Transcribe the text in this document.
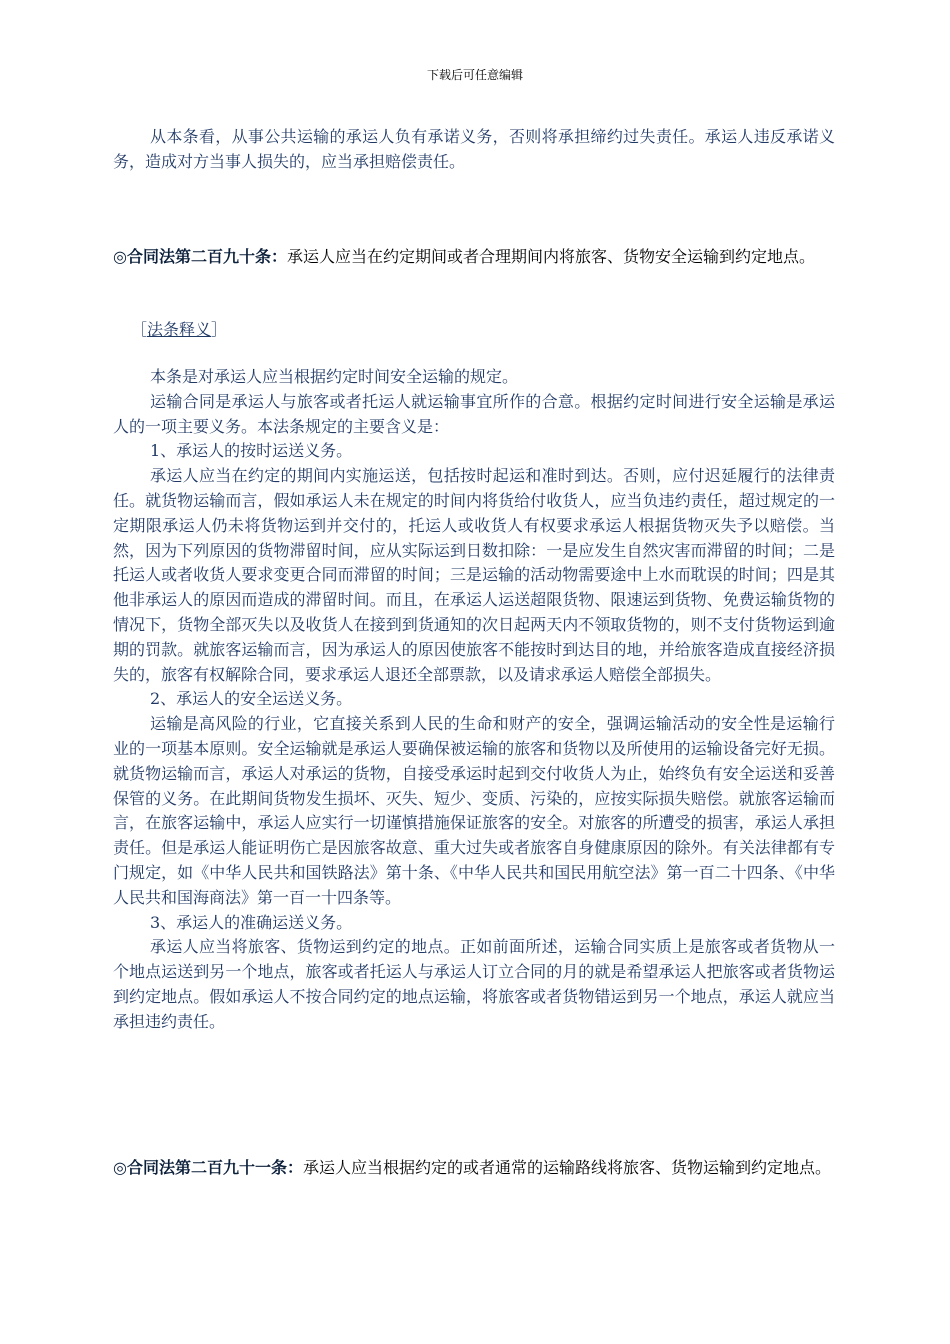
下载后可任意编辑

从本条看，从事公共运输的承运人负有承诺义务，否则将承担缔约过失责任。承运人违反承诺义务，造成对方当事人损失的，应当承担赔偿责任。

◎合同法第二百九十条：承运人应当在约定期间或者合理期间内将旅客、货物安全运输到约定地点。

［法条释义］

本条是对承运人应当根据约定时间安全运输的规定。

运输合同是承运人与旅客或者托运人就运输事宜所作的合意。根据约定时间进行安全运输是承运人的一项主要义务。本法条规定的主要含义是：

1、承运人的按时运送义务。

承运人应当在约定的期间内实施运送，包括按时起运和准时到达。否则，应付迟延履行的法律责任。就货物运输而言，假如承运人未在规定的时间内将货给付收货人，应当负违约责任，超过规定的一定期限承运人仍未将货物运到并交付的，托运人或收货人有权要求承运人根据货物灭失予以赔偿。当然，因为下列原因的货物滞留时间，应从实际运到日数扣除：一是应发生自然灾害而滞留的时间；二是托运人或者收货人要求变更合同而滞留的时间；三是运输的活动物需要途中上水而耽误的时间；四是其他非承运人的原因而造成的滞留时间。而且，在承运人运送超限货物、限速运到货物、免费运输货物的情况下，货物全部灭失以及收货人在接到到货通知的次日起两天内不领取货物的，则不支付货物运到逾期的罚款。就旅客运输而言，因为承运人的原因使旅客不能按时到达目的地，并给旅客造成直接经济损失的，旅客有权解除合同，要求承运人退还全部票款，以及请求承运人赔偿全部损失。

2、承运人的安全运送义务。

运输是高风险的行业，它直接关系到人民的生命和财产的安全，强调运输活动的安全性是运输行业的一项基本原则。安全运输就是承运人要确保被运输的旅客和货物以及所使用的运输设备完好无损。就货物运输而言，承运人对承运的货物，自接受承运时起到交付收货人为止，始终负有安全运送和妥善保管的义务。在此期间货物发生损坏、灭失、短少、变质、污染的，应按实际损失赔偿。就旅客运输而言，在旅客运输中，承运人应实行一切谨慎措施保证旅客的安全。对旅客的所遭受的损害，承运人承担责任。但是承运人能证明伤亡是因旅客故意、重大过失或者旅客自身健康原因的除外。有关法律都有专门规定，如《中华人民共和国铁路法》第十条、《中华人民共和国民用航空法》第一百二十四条、《中华人民共和国海商法》第一百一十四条等。

3、承运人的准确运送义务。

承运人应当将旅客、货物运到约定的地点。正如前面所述，运输合同实质上是旅客或者货物从一个地点运送到另一个地点，旅客或者托运人与承运人订立合同的月的就是希望承运人把旅客或者货物运到约定地点。假如承运人不按合同约定的地点运输，将旅客或者货物错运到另一个地点，承运人就应当承担违约责任。

◎合同法第二百九十一条：承运人应当根据约定的或者通常的运输路线将旅客、货物运输到约定地点。
